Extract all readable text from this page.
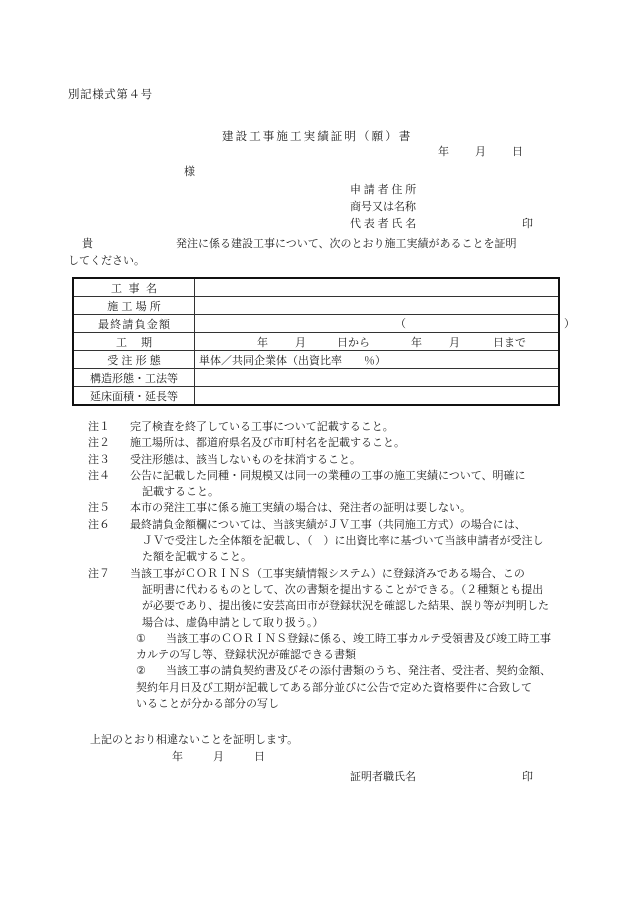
別記様式第４号
建設工事施工実績証明（願）書
年 月 日
様
申請者住所
商号又は名称
代表者氏名	印
貴	発注に係る建設工事について、次のとおり施工実績があることを証明
してください。
工事名	
施工場所	
最終請負金額	（ ）

工期	年 月 日から 年 月 日まで
受注形態	単体／共同企業体（出資比率　　％）
構造形態・工法等	
延床面積・延長等	
注１ 完了検査を終了している工事について記載すること。
注２ 施工場所は、都道府県名及び市町村名を記載すること。
注３ 受注形態は、該当しないものを抹消すること。
注４ 公告に記載した同種・同規模又は同一の業種の工事の施工実績について、明確に
記載すること。
注５ 本市の発注工事に係る施工実績の場合は、発注者の証明は要しない。
注６ 最終請負金額欄については、当該実績がＪＶ工事（共同施工方式）の場合には、
ＪＶで受注した全体額を記載し、（　）に出資比率に基づいて当該申請者が受注し
た額を記載すること。
注７ 当該工事がＣＯＲＩＮＳ（工事実績情報システム）に登録済みである場合、この
証明書に代わるものとして、次の書類を提出することができる。（２種類とも提出
が必要であり、提出後に安芸高田市が登録状況を確認した結果、誤り等が判明した
場合は、虚偽申請として取り扱う。）
① 当該工事のＣＯＲＩＮＳ登録に係る、竣工時工事カルテ受領書及び竣工時工事
カルテの写し等、登録状況が確認できる書類
② 当該工事の請負契約書及びその添付書類のうち、発注者、受注者、契約金額、
契約年月日及び工期が記載してある部分並びに公告で定めた資格要件に合致して
いることが分かる部分の写し
上記のとおり相違ないことを証明します。
年	月	日
証明者職氏名	印
